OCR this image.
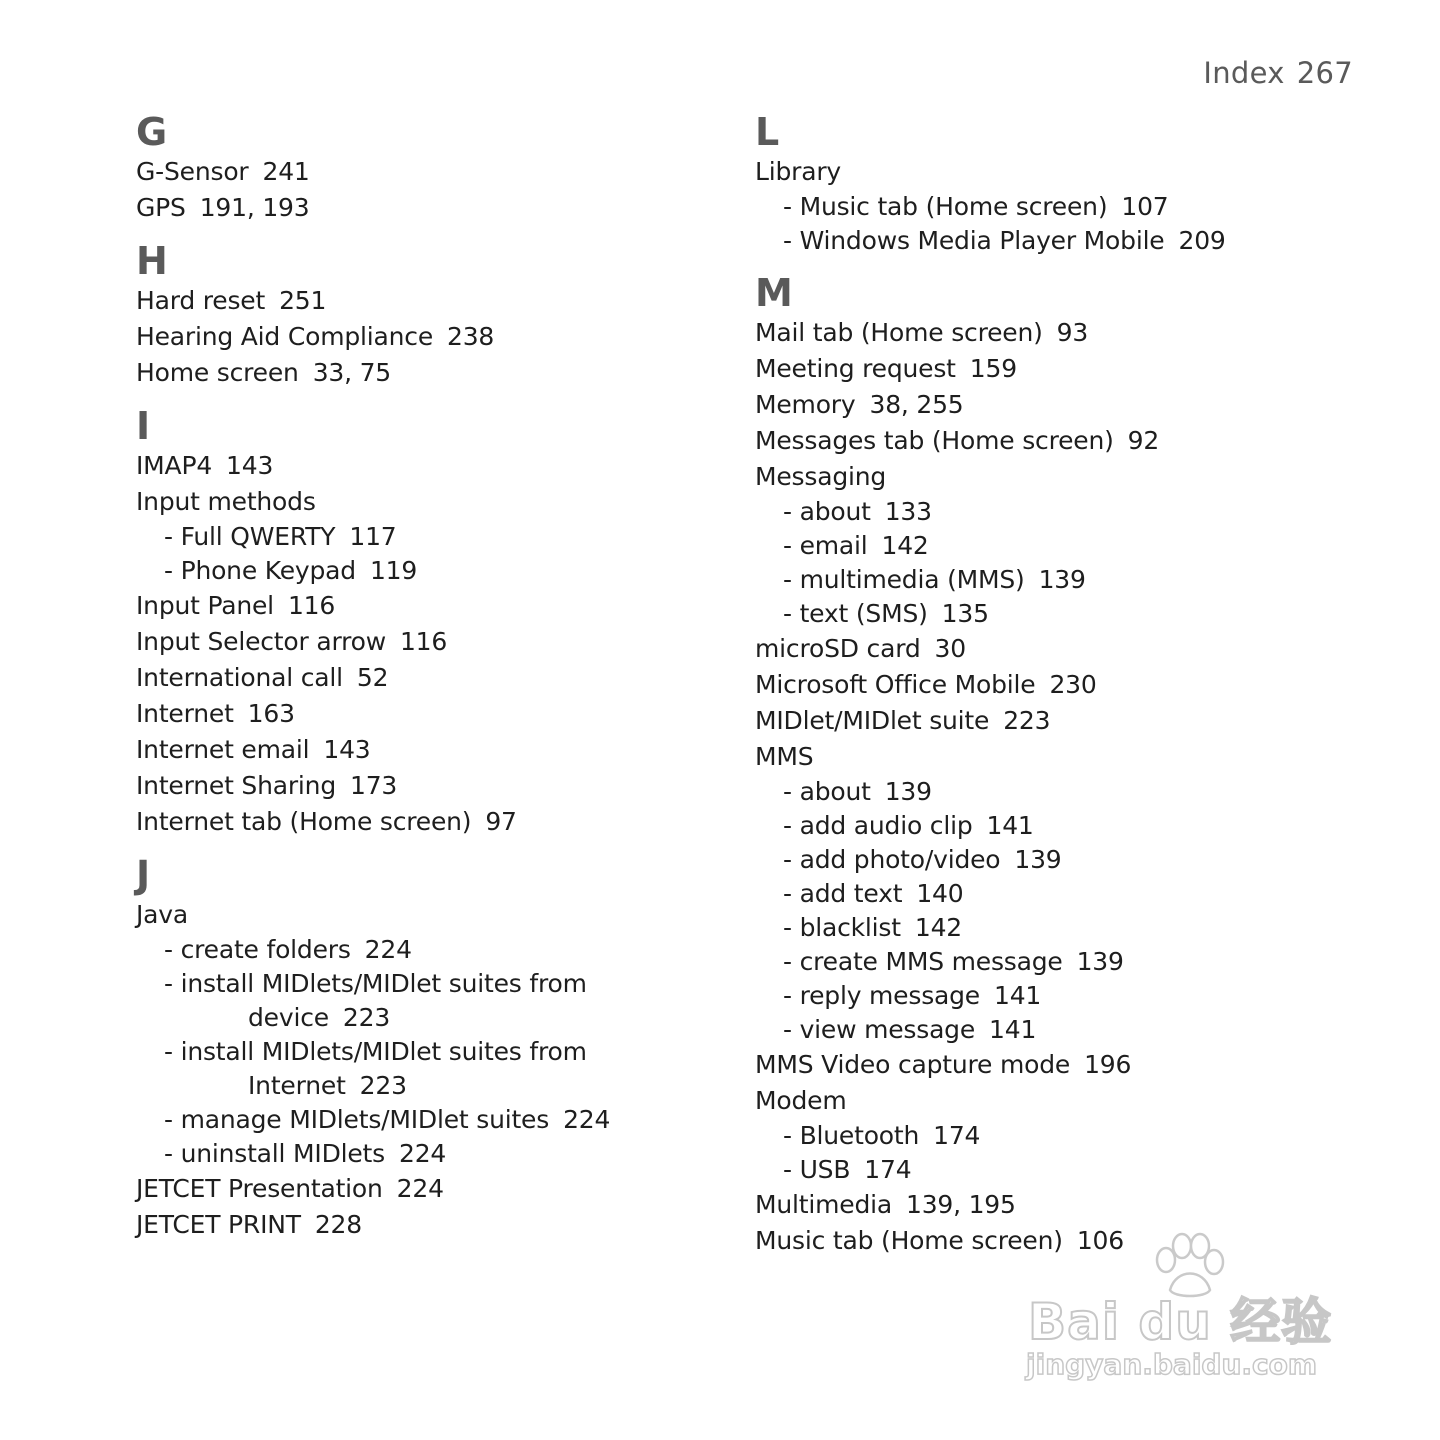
Index 267
G
G-Sensor 241
GPS 191, 193
H
Hard reset 251
Hearing Aid Compliance 238
Home screen 33, 75
I
IMAP4 143
Input methods
- Full QWERTY 117
- Phone Keypad 119
Input Panel 116
Input Selector arrow 116
International call 52
Internet 163
Internet email 143
Internet Sharing 173
Internet tab (Home screen) 97
J
Java
- create folders 224
- install MIDlets/MIDlet suites from
device 223
- install MIDlets/MIDlet suites from
Internet 223
- manage MIDlets/MIDlet suites 224
- uninstall MIDlets 224
JETCET Presentation 224
JETCET PRINT 228
L
Library
- Music tab (Home screen) 107
- Windows Media Player Mobile 209
M
Mail tab (Home screen) 93
Meeting request 159
Memory 38, 255
Messages tab (Home screen) 92
Messaging
- about 133
- email 142
- multimedia (MMS) 139
- text (SMS) 135
microSD card 30
Microsoft Office Mobile 230
MIDlet/MIDlet suite 223
MMS
- about 139
- add audio clip 141
- add photo/video 139
- add text 140
- blacklist 142
- create MMS message 139
- reply message 141
- view message 141
MMS Video capture mode 196
Modem
- Bluetooth 174
- USB 174
Multimedia 139, 195
Music tab (Home screen) 106
Bai du 经验
jingyan.baidu.com
